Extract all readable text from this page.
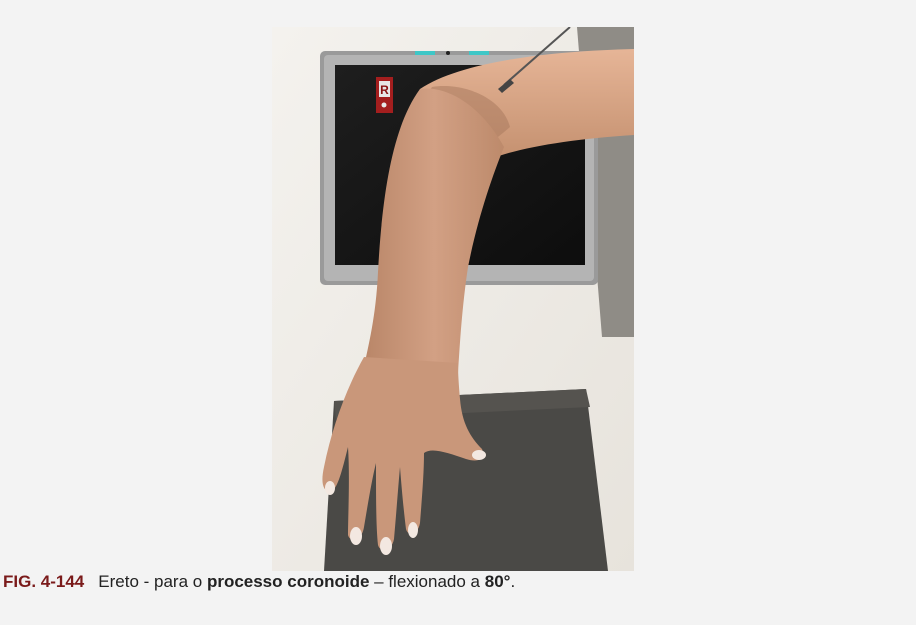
R
FIG. 4-144 Ereto - para o processo coronoide – flexionado a 80°.
